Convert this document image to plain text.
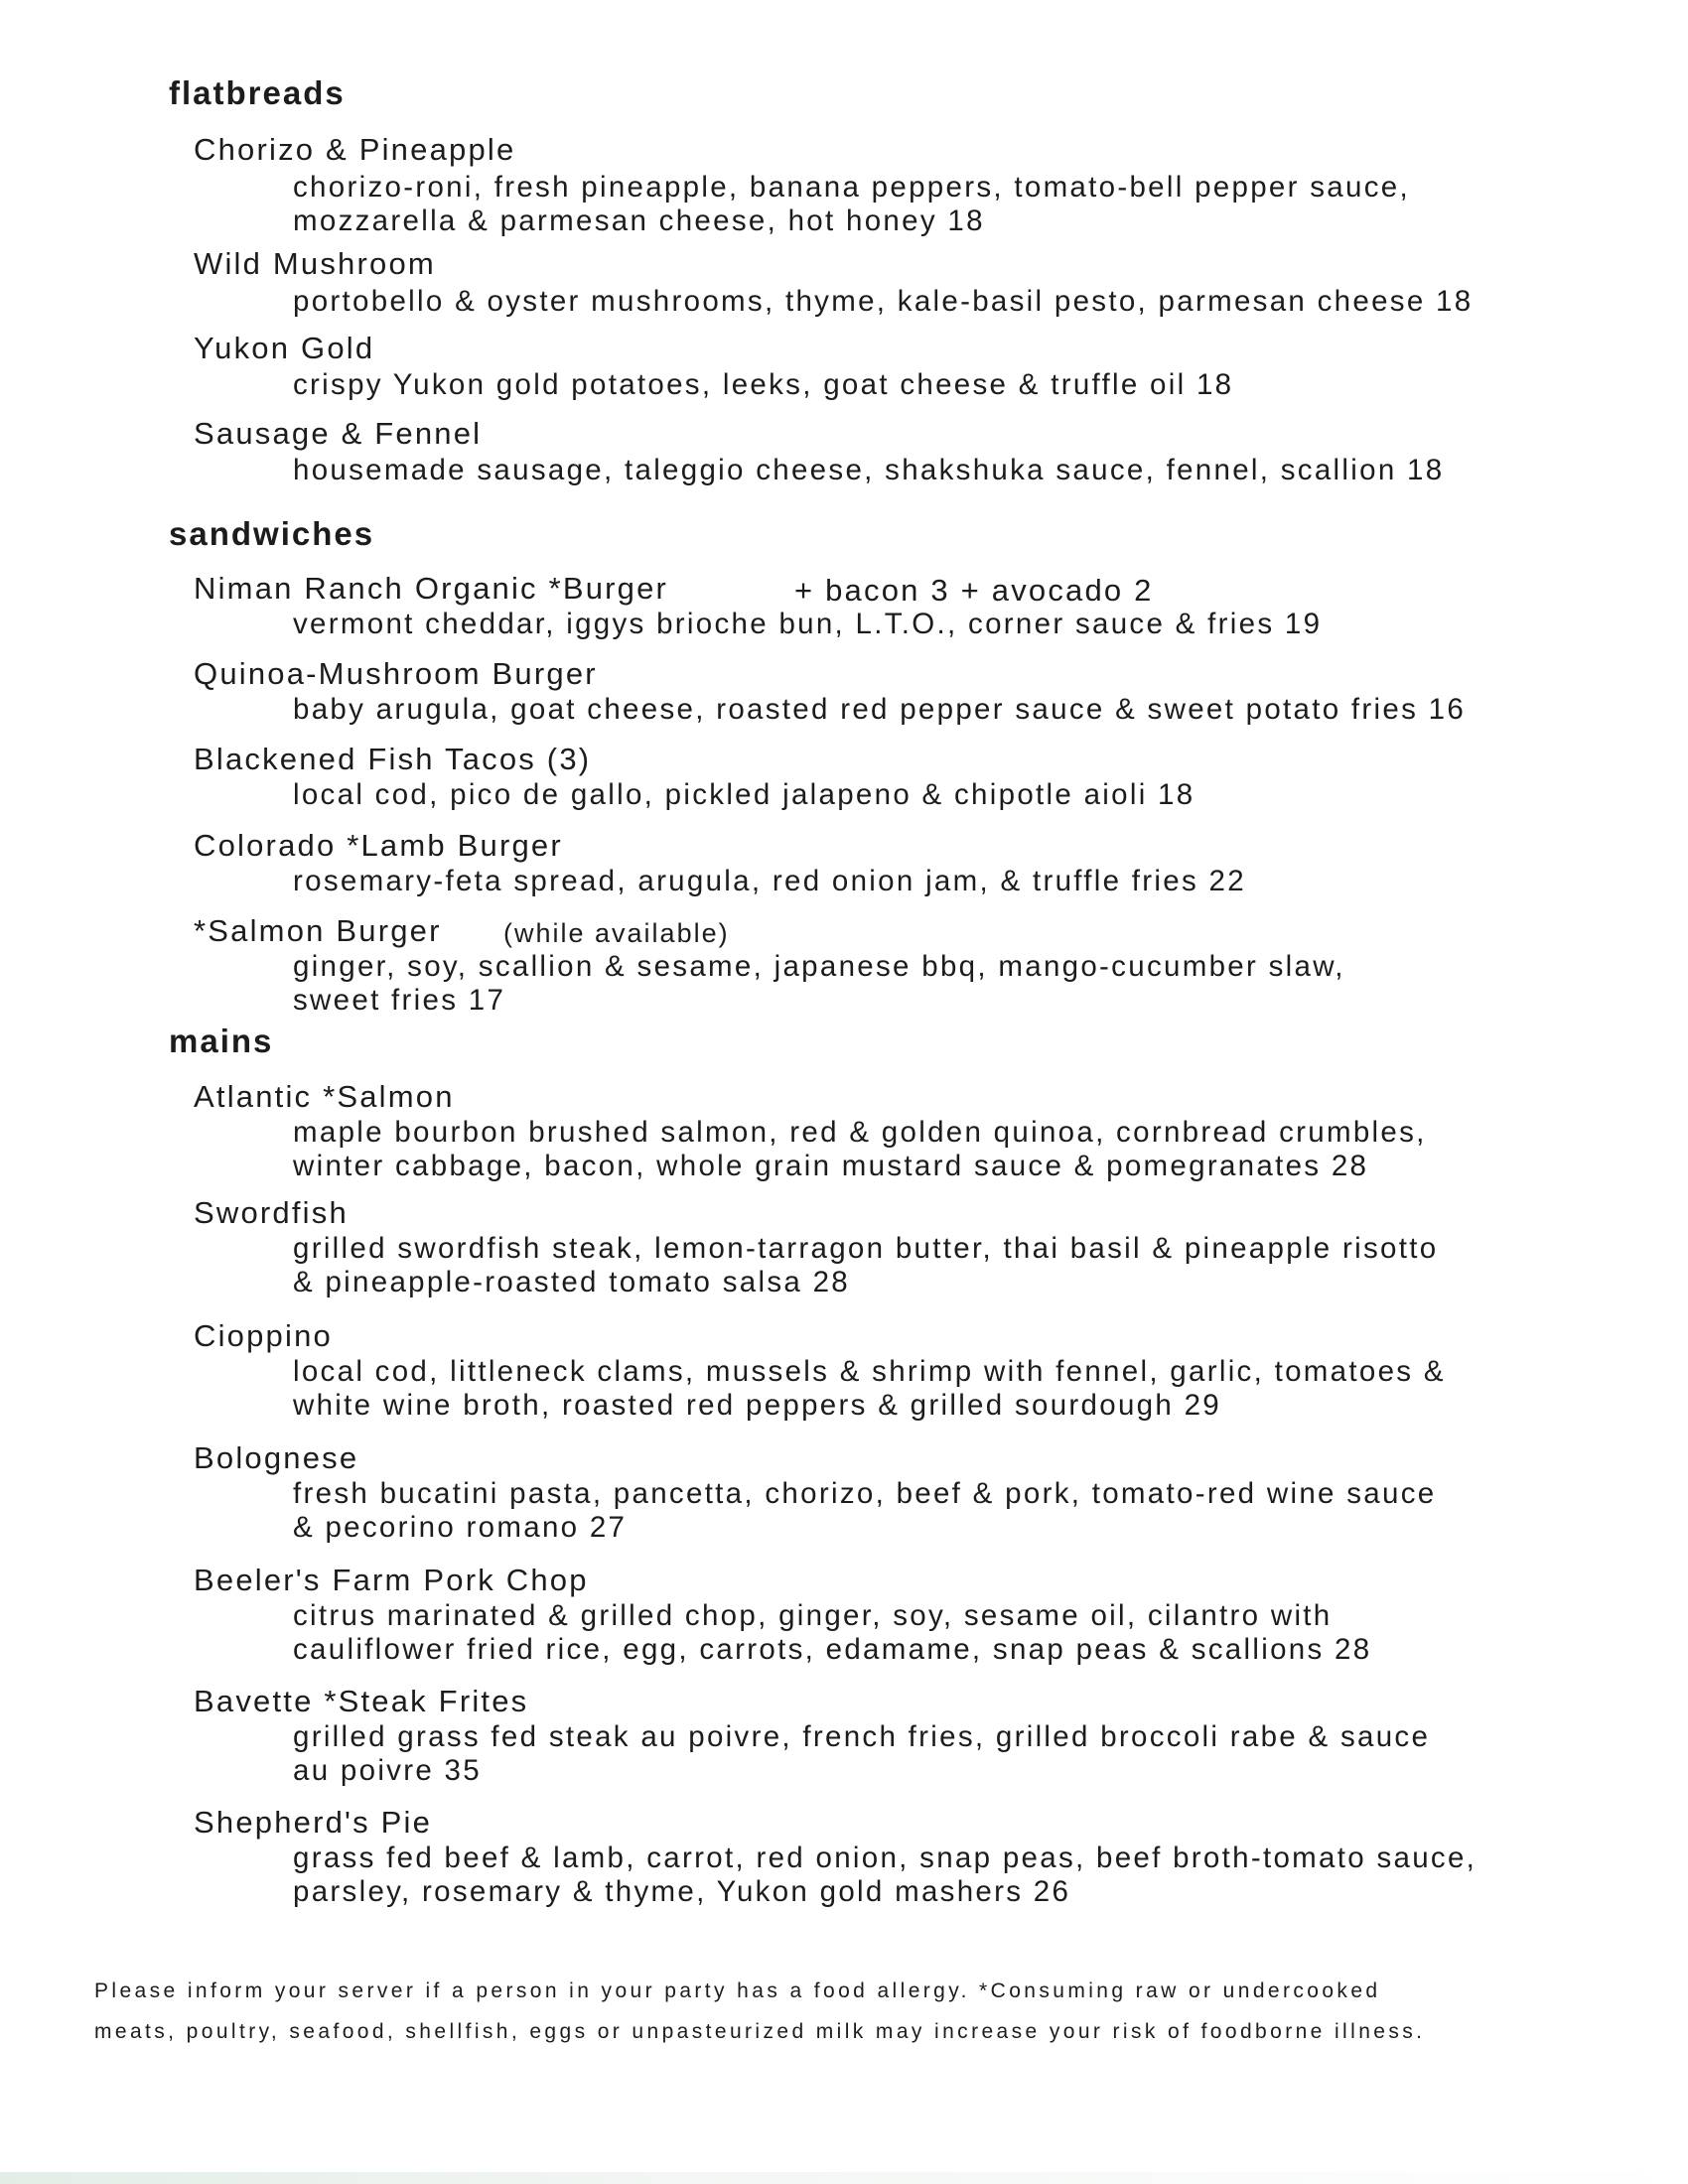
flatbreads
Chorizo & Pineapple
chorizo-roni, fresh pineapple, banana peppers, tomato-bell pepper sauce,
mozzarella & parmesan cheese, hot honey 18
Wild Mushroom
portobello & oyster mushrooms, thyme, kale-basil pesto, parmesan cheese 18
Yukon Gold
crispy Yukon gold potatoes, leeks, goat cheese & truffle oil 18
Sausage & Fennel
housemade sausage, taleggio cheese, shakshuka sauce, fennel, scallion 18
sandwiches
Niman Ranch Organic *Burger	+ bacon 3 + avocado 2
vermont cheddar, iggys brioche bun, L.T.O., corner sauce & fries 19
Quinoa-Mushroom Burger
baby arugula, goat cheese, roasted red pepper sauce & sweet potato fries 16
Blackened Fish Tacos (3)
local cod, pico de gallo, pickled jalapeno & chipotle aioli 18
Colorado *Lamb Burger
rosemary-feta spread, arugula, red onion jam, & truffle fries 22
*Salmon Burger (while available)
ginger, soy, scallion & sesame, japanese bbq, mango-cucumber slaw,
sweet fries 17
mains
Atlantic *Salmon
maple bourbon brushed salmon, red & golden quinoa, cornbread crumbles,
winter cabbage, bacon, whole grain mustard sauce & pomegranates 28
Swordfish
grilled swordfish steak, lemon-tarragon butter, thai basil & pineapple risotto
& pineapple-roasted tomato salsa 28
Cioppino
local cod, littleneck clams, mussels & shrimp with fennel, garlic, tomatoes &
white wine broth, roasted red peppers & grilled sourdough 29
Bolognese
fresh bucatini pasta, pancetta, chorizo, beef & pork, tomato-red wine sauce
& pecorino romano 27
Beeler's Farm Pork Chop
citrus marinated & grilled chop, ginger, soy, sesame oil, cilantro with
cauliflower fried rice, egg, carrots, edamame, snap peas & scallions 28
Bavette *Steak Frites
grilled grass fed steak au poivre, french fries, grilled broccoli rabe & sauce
au poivre 35
Shepherd's Pie
grass fed beef & lamb, carrot, red onion, snap peas, beef broth-tomato sauce,
parsley, rosemary & thyme, Yukon gold mashers 26

Please inform your server if a person in your party has a food allergy. *Consuming raw or undercooked
meats, poultry, seafood, shellfish, eggs or unpasteurized milk may increase your risk of foodborne illness.
